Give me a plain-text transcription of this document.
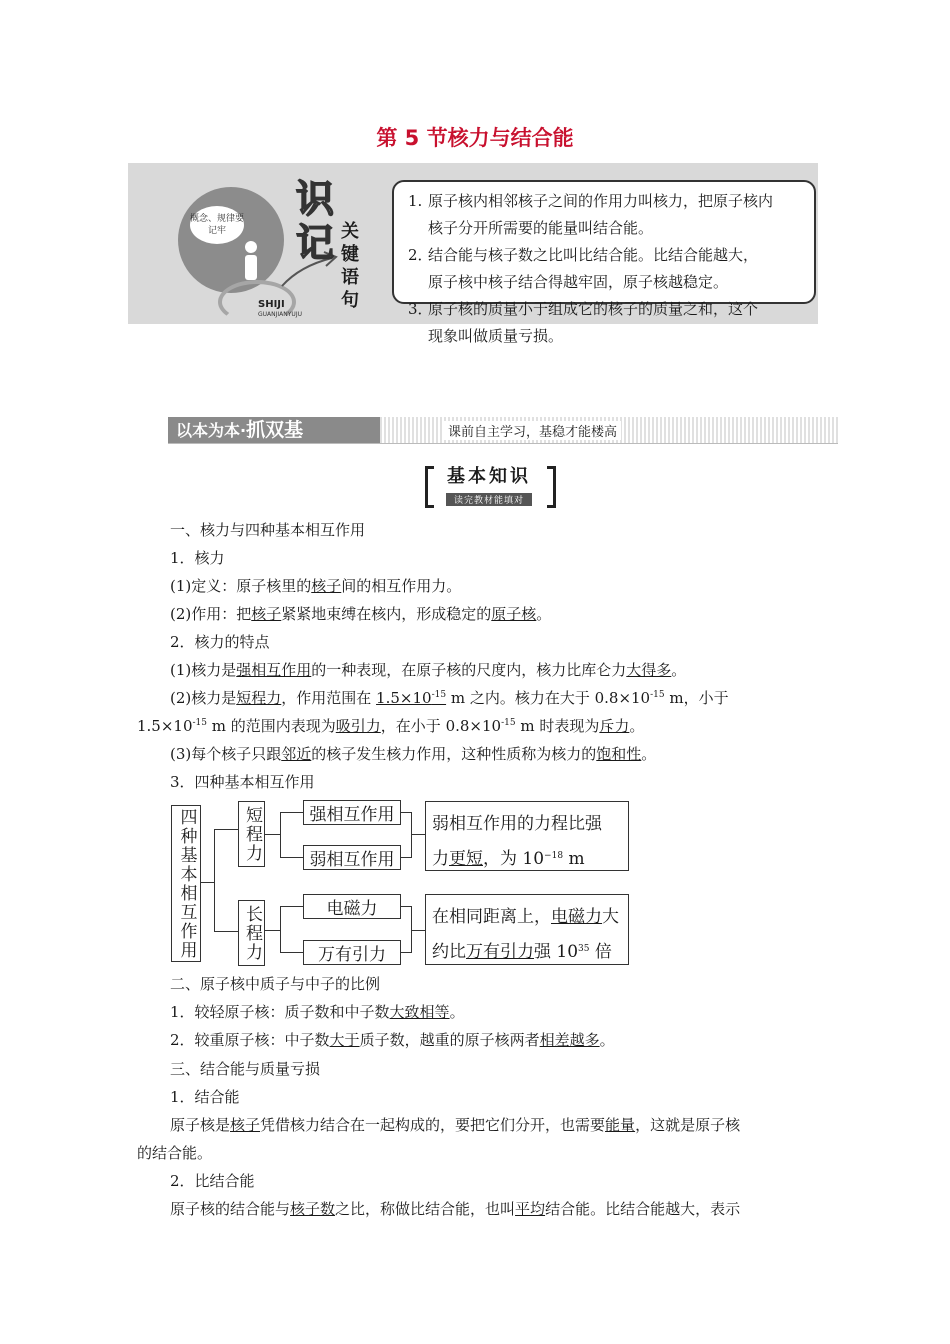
第 5 节核力与结合能
概念、规律要记牢
识
记 关
键
语
句
SHIJI
GUANJIANYUJU
1. 原子核内相邻核子之间的作用力叫核力，把原子核内
核子分开所需要的能量叫结合能。
2．
结合能与核子数之比叫比结合能。比结合能越大，
原子核中核子结合得越牢固，原子核越稳定。
3．
原子核的质量小于组成它的核子的质量之和，这个
现象叫做质量亏损。
以本为本·抓双基	课前自主学习，基稳才能楼高
基本知识
读完教材能填对
一、核力与四种基本相互作用
1．核力
(1)定义：原子核里的核子间的相互作用力。
(2)作用：把核子紧紧地束缚在核内，形成稳定的原子核。
2．核力的特点
(1)核力是强相互作用的一种表现，在原子核的尺度内，核力比库仑力大得多。
(2)核力是短程力，作用范围在 $1.5\times 10^{-15}$ m 之内。核力在大于 $0.8\times 10^{-15}$ m，小于
$1.5\times 10^{-15}$ m 的范围内表现为吸引力，在小于 $0.8\times 10^{-15}$ m 时表现为斥力。
(3)每个核子只跟邻近的核子发生核力作用，这种性质称为核力的饱和性。
3．四种基本相互作用
二、原子核中质子与中子的比例
1．较轻原子核：质子数和中子数大致相等。
2．较重原子核：中子数大于质子数，越重的原子核两者相差越多。
三、结合能与质量亏损
1．结合能
原子核是核子凭借核力结合在一起构成的，要把它们分开，也需要能量，这就是原子核
的结合能。
2．比结合能
原子核的结合能与核子数之比，称做比结合能，也叫平均结合能。比结合能越大，表示
四种基本相互作用	短程力
长程力
强相互作用
弱相互作用
电磁力
万有引力
弱相互作用的力程比强
力更短，为 $10^{-18}$ m
在相同距离上，电磁力大
约比万有引力强 $10^{35}$ 倍
